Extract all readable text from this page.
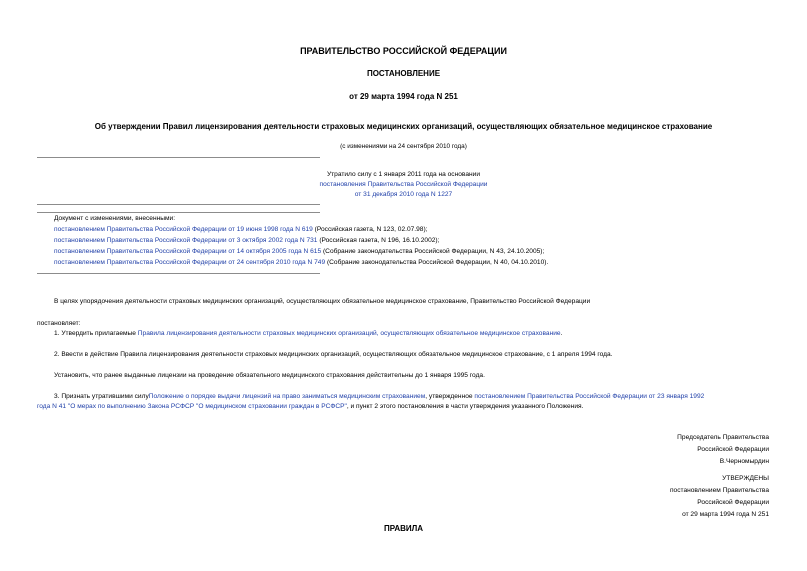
ПРАВИТЕЛЬСТВО РОССИЙСКОЙ ФЕДЕРАЦИИ
ПОСТАНОВЛЕНИЕ
от 29 марта 1994 года N 251
Об утверждении Правил лицензирования деятельности страховых медицинских организаций, осуществляющих обязательное медицинское страхование
(с изменениями на 24 сентября 2010 года)
Утратило силу с 1 января 2011 года на основании
постановления Правительства Российской Федерации
от 31 декабря 2010 года N 1227
Документ с изменениями, внесенными:
постановлением Правительства Российской Федерации от 19 июня 1998 года N 619 (Российская газета, N 123, 02.07.98);
постановлением Правительства Российской Федерации от 3 октября 2002 года N 731 (Российская газета, N 196, 16.10.2002);
постановлением Правительства Российской Федерации от 14 октября 2005 года N 615 (Собрание законодательства Российской Федерации, N 43, 24.10.2005);
постановлением Правительства Российской Федерации от 24 сентября 2010 года N 749 (Собрание законодательства Российской Федерации, N 40, 04.10.2010).
В целях упорядочения деятельности страховых медицинских организаций, осуществляющих обязательное медицинское страхование, Правительство Российской Федерации
постановляет:
1. Утвердить прилагаемые Правила лицензирования деятельности страховых медицинских организаций, осуществляющих обязательное медицинское страхование.
2. Ввести в действие Правила лицензирования деятельности страховых медицинских организаций, осуществляющих обязательное медицинское страхование, с 1 апреля 1994 года.
Установить, что ранее выданные лицензии на проведение обязательного медицинского страхования действительны до 1 января 1995 года.
3. Признать утратившими силуПоложение о порядке выдачи лицензий на право заниматься медицинским страхованием, утвержденное постановлением Правительства Российской Федерации от 23 января 1992
года N 41 "О мерах по выполнению Закона РСФСР "О медицинском страховании граждан в РСФСР", и пункт 2 этого постановления в части утверждения указанного Положения.
Председатель Правительства
Российской Федерации
В.Черномырдин
УТВЕРЖДЕНЫ
постановлением Правительства
Российской Федерации
от 29 марта 1994 года N 251
ПРАВИЛА
